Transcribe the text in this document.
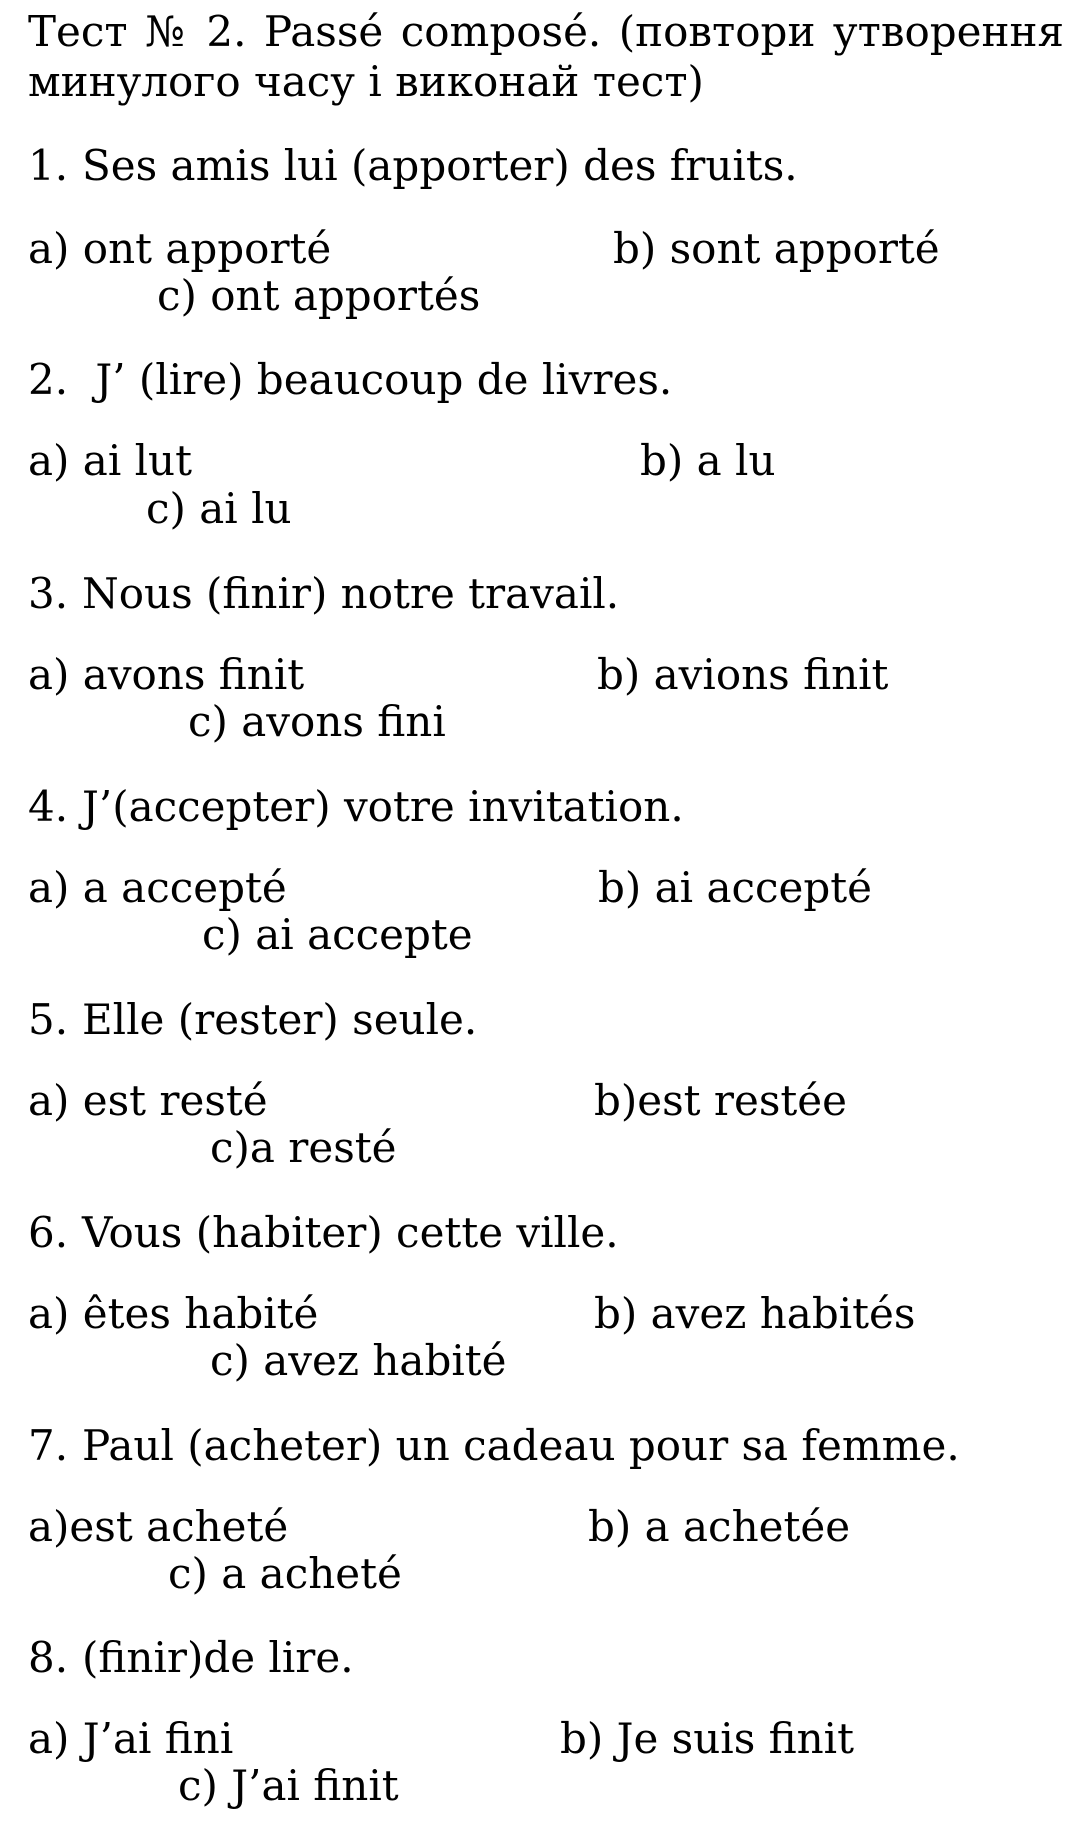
Тест № 2. Passé composé. (повтори утворення
минулого часу і виконай тест)
1. Ses amis lui (apporter) des fruits.
a) ont apporté	b) sont apporté
c) ont apportés
2. J’ (lire) beaucoup de livres.
a) ai lut	b) a lu
c) ai lu
3. Nous (finir) notre travail.
a) avons finit	b) avions finit
c) avons fini
4. J’(accepter) votre invitation.
a) a accepté	b) ai accepté
c) ai accepte
5. Elle (rester) seule.
a) est resté	b)est restée
c)a resté
6. Vous (habiter) cette ville.
a) êtes habité	b) avez habités
c) avez habité
7. Paul (acheter) un cadeau pour sa femme.
a)est acheté	b) a achetée
c) a acheté
8. (finir)de lire.
a) J’ai fini	b) Je suis finit
c) J’ai finit
